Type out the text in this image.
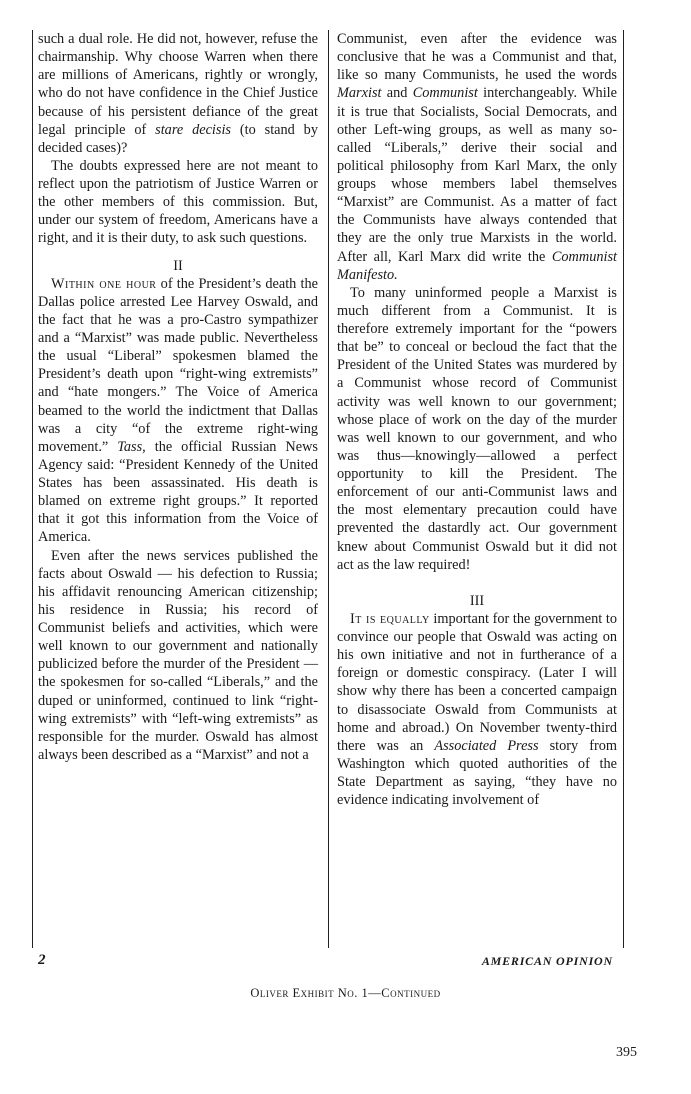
such a dual role. He did not, however, refuse the chairmanship. Why choose Warren when there are millions of Americans, rightly or wrongly, who do not have confidence in the Chief Justice because of his persistent defiance of the great legal principle of stare decisis (to stand by decided cases)?

The doubts expressed here are not meant to reflect upon the patriotism of Justice Warren or the other members of this commission. But, under our system of freedom, Americans have a right, and it is their duty, to ask such questions.

II

Within one hour of the President’s death the Dallas police arrested Lee Harvey Oswald, and the fact that he was a pro-Castro sympathizer and a “Marxist” was made public. Nevertheless the usual “Liberal” spokesmen blamed the President’s death upon “right-wing extremists” and “hate mongers.” The Voice of America beamed to the world the indictment that Dallas was a city “of the extreme right-wing movement.” Tass, the official Russian News Agency said: “President Kennedy of the United States has been assassinated. His death is blamed on extreme right groups.” It reported that it got this information from the Voice of America.

Even after the news services published the facts about Oswald — his defection to Russia; his affidavit renouncing American citizenship; his residence in Russia; his record of Communist beliefs and activities, which were well known to our government and nationally publicized before the murder of the President — the spokesmen for so-called “Liberals,” and the duped or uninformed, continued to link “right-wing extremists” with “left-wing extremists” as responsible for the murder. Oswald has almost always been described as a “Marxist” and not a

Communist, even after the evidence was conclusive that he was a Communist and that, like so many Communists, he used the words Marxist and Communist interchangeably. While it is true that Socialists, Social Democrats, and other Left-wing groups, as well as many so-called “Liberals,” derive their social and political philosophy from Karl Marx, the only groups whose members label themselves “Marxist” are Communist. As a matter of fact the Communists have always contended that they are the only true Marxists in the world. After all, Karl Marx did write the Communist Manifesto.

To many uninformed people a Marxist is much different from a Communist. It is therefore extremely important for the “powers that be” to conceal or becloud the fact that the President of the United States was murdered by a Communist whose record of Communist activity was well known to our government; whose place of work on the day of the murder was well known to our government, and who was thus—knowingly—allowed a perfect opportunity to kill the President. The enforcement of our anti-Communist laws and the most elementary precaution could have prevented the dastardly act. Our government knew about Communist Oswald but it did not act as the law required!

III

It is equally important for the government to convince our people that Oswald was acting on his own initiative and not in furtherance of a foreign or domestic conspiracy. (Later I will show why there has been a concerted campaign to disassociate Oswald from Communists at home and abroad.) On November twenty-third there was an Associated Press story from Washington which quoted authorities of the State Department as saying, “they have no evidence indicating involvement of

2	AMERICAN OPINION
Oliver Exhibit No. 1—Continued
395
